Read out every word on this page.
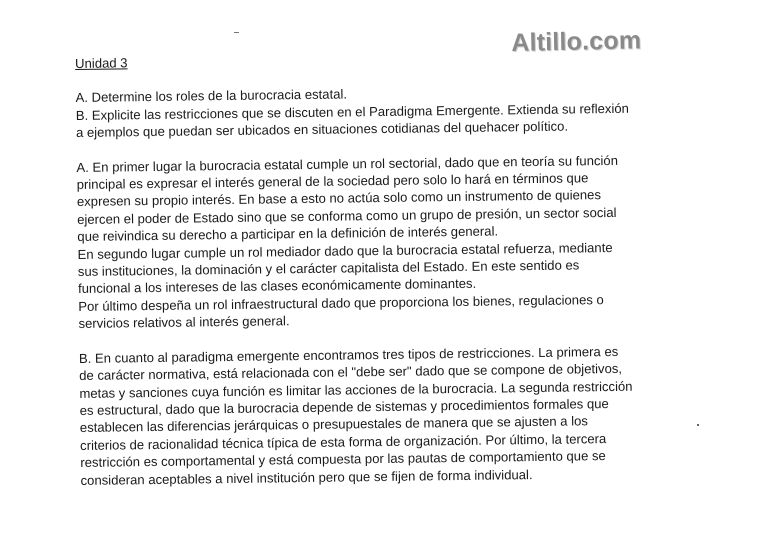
Altillo.com
Unidad 3
A. Determine los roles de la burocracia estatal.
B. Explicite las restricciones que se discuten en el Paradigma Emergente. Extienda su reflexión
a ejemplos que puedan ser ubicados en situaciones cotidianas del quehacer político.
A. En primer lugar la burocracia estatal cumple un rol sectorial, dado que en teoría su función
principal es expresar el interés general de la sociedad pero solo lo hará en términos que
expresen su propio interés. En base a esto no actúa solo como un instrumento de quienes
ejercen el poder de Estado sino que se conforma como un grupo de presión, un sector social
que reivindica su derecho a participar en la definición de interés general.
En segundo lugar cumple un rol mediador dado que la burocracia estatal refuerza, mediante
sus instituciones, la dominación y el carácter capitalista del Estado. En este sentido es
funcional a los intereses de las clases económicamente dominantes.
Por último despeña un rol infraestructural dado que proporciona los bienes, regulaciones o
servicios relativos al interés general.
B. En cuanto al paradigma emergente encontramos tres tipos de restricciones. La primera es
de carácter normativa, está relacionada con el "debe ser" dado que se compone de objetivos,
metas y sanciones cuya función es limitar las acciones de la burocracia. La segunda restricción
es estructural, dado que la burocracia depende de sistemas y procedimientos formales que
establecen las diferencias jerárquicas o presupuestales de manera que se ajusten a los
criterios de racionalidad técnica típica de esta forma de organización. Por último, la tercera
restricción es comportamental y está compuesta por las pautas de comportamiento que se
consideran aceptables a nivel institución pero que se fijen de forma individual.
